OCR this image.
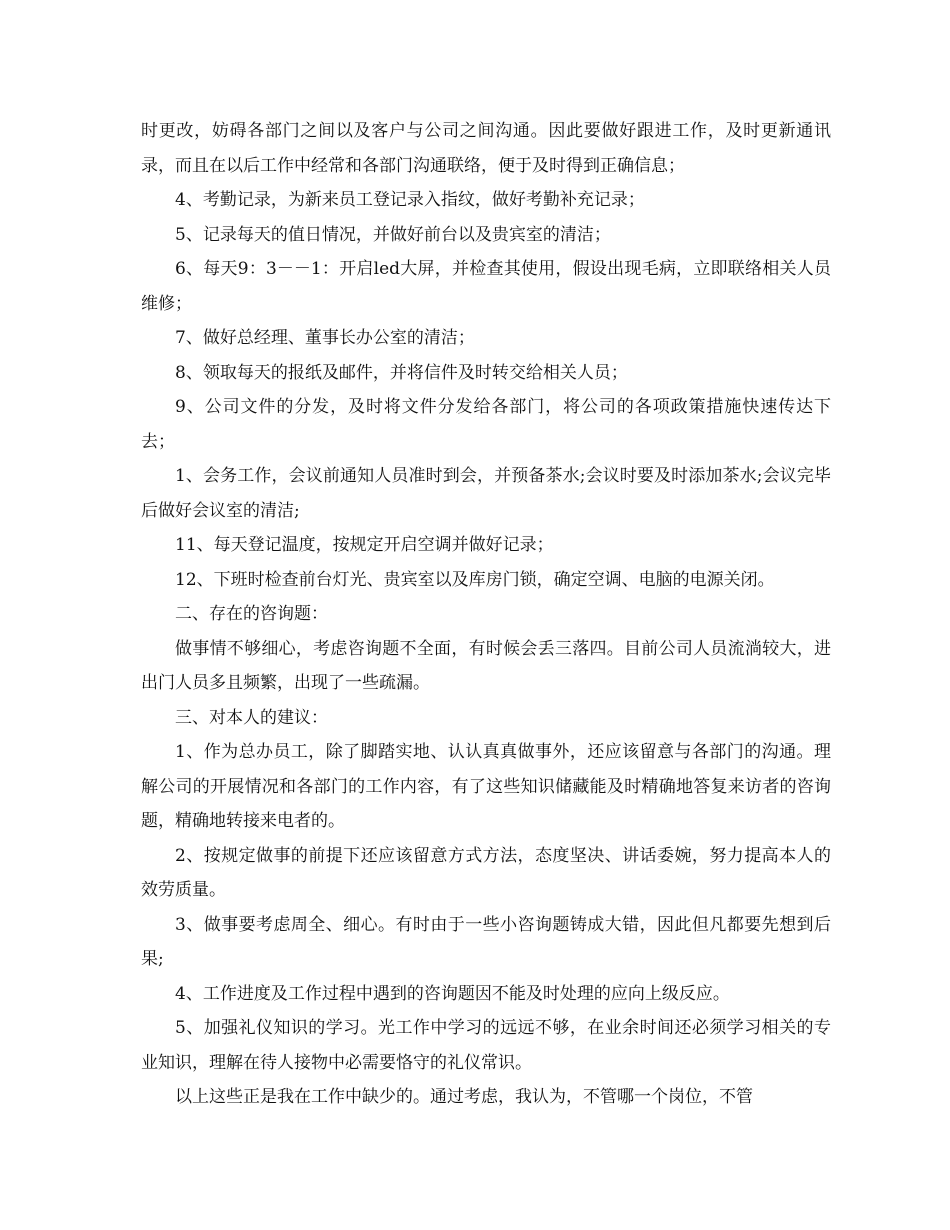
时更改，妨碍各部门之间以及客户与公司之间沟通。因此要做好跟进工作，及时更新通讯录，而且在以后工作中经常和各部门沟通联络，便于及时得到正确信息；

4、考勤记录，为新来员工登记录入指纹，做好考勤补充记录；

5、记录每天的值日情况，并做好前台以及贵宾室的清洁；

6、每天9：3－－1：开启led大屏，并检查其使用，假设出现毛病，立即联络相关人员维修；

7、做好总经理、董事长办公室的清洁；

8、领取每天的报纸及邮件，并将信件及时转交给相关人员；

9、公司文件的分发，及时将文件分发给各部门，将公司的各项政策措施快速传达下去；

1、会务工作，会议前通知人员准时到会，并预备茶水;会议时要及时添加茶水;会议完毕后做好会议室的清洁;

11、每天登记温度，按规定开启空调并做好记录；

12、下班时检查前台灯光、贵宾室以及库房门锁，确定空调、电脑的电源关闭。

二、存在的咨询题：

做事情不够细心，考虑咨询题不全面，有时候会丢三落四。目前公司人员流淌较大，进出门人员多且频繁，出现了一些疏漏。

三、对本人的建议：

1、作为总办员工，除了脚踏实地、认认真真做事外，还应该留意与各部门的沟通。理解公司的开展情况和各部门的工作内容，有了这些知识储藏能及时精确地答复来访者的咨询题，精确地转接来电者的。

2、按规定做事的前提下还应该留意方式方法，态度坚决、讲话委婉，努力提高本人的效劳质量。

3、做事要考虑周全、细心。有时由于一些小咨询题铸成大错，因此但凡都要先想到后果;

4、工作进度及工作过程中遇到的咨询题因不能及时处理的应向上级反应。

5、加强礼仪知识的学习。光工作中学习的远远不够，在业余时间还必须学习相关的专业知识，理解在待人接物中必需要恪守的礼仪常识。

以上这些正是我在工作中缺少的。通过考虑，我认为，不管哪一个岗位，不管
